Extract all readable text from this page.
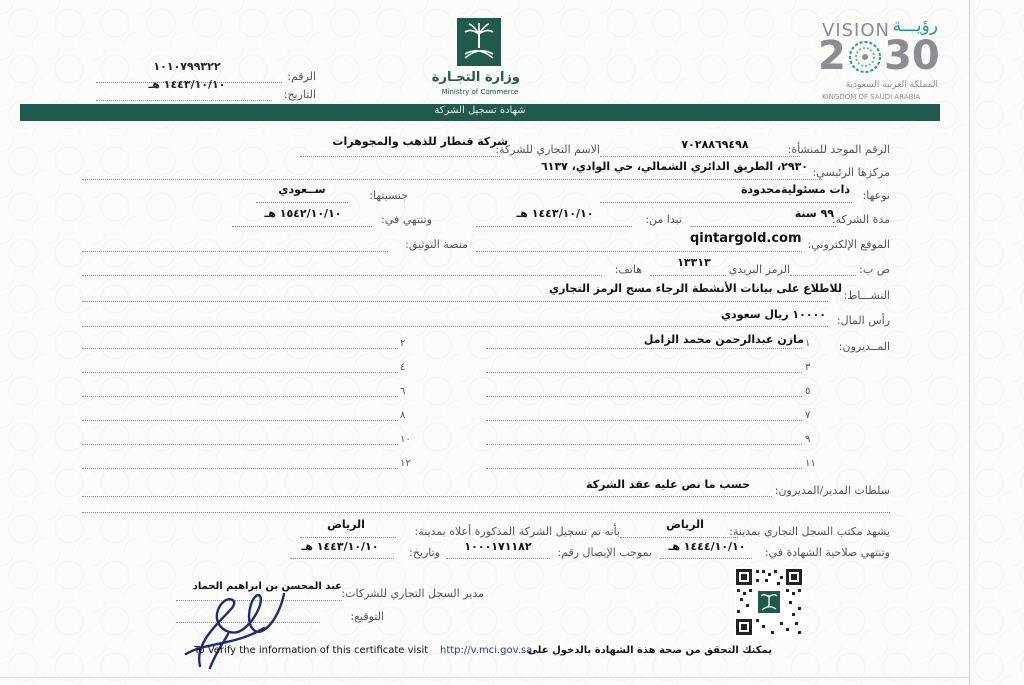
وزارة التجـارة
Ministry of Commerce
الرقم:
١٠١٠٧٩٩٣٢٢
التاريخ:
١٤٤٣/١٠/١٠ هـ
VISION رؤيـــة
2 30
المملكة العربية السعودية
KINGDOM OF SAUDI ARABIA
شهادة تسجيل الشركة
الرقم الموحد للمنشأة:
٧٠٢٨٨٦٩٤٩٨
الاسم التجاري للشركة:
شركة قنطار للذهب والمجوهرات
مركزها الرئيسي:
٢٩٣٠، الطريق الدائري الشمالي، حي الوادي، ٦١٣٧
نوعها:
ذات مسئوليةمحدودة
جنسيتها:
ســعودي
مدة الشركة:
٩٩ سنة
تبدا من:
١٤٤٣/١٠/١٠ هـ
وتنتهي في:
١٥٤٢/١٠/١٠ هـ
الموقع الإلكتروني:
qintargold.com
منصة التوثيق:
ص ب:
الرمز البريدي
١٣٣١٣
هاتف:
النشـــاط:
للاطلاع على بيانات الأنشطة الرجاء مسح الرمز التجاري
رأس المال:
١٠٠٠٠ ريال سعودي
المــديرون:
مازن عبدالرحمن محمد الزامل ١
٣
٥
٧
٩
١١
٢
٤
٦
٨
١٠
١٢
سلطات المدير/المديرون:
حسب ما نص عليه عقد الشركة
يشهد مكتب السجل التجاري بمدينة:
الرياض
بأنه تم تسجيل الشركة المذكورة أعلاه بمدينة:
الرياض
وتنتهي صلاحية الشهادة في:
١٤٤٤/١٠/١٠ هـ
بموجب الإيصال رقم:
١٠٠٠١٧١١٨٢
وتاريخ:
١٤٤٣/١٠/١٠ هـ
مدير السجل التجاري للشركات:
عبد المحسن بن ابراهيم الحماد
التوقيع:
To Verify the information of this certificate visit http://v.mci.gov.sa
يمكنك التحقق من صحة هذة الشهادة بالدخول على
